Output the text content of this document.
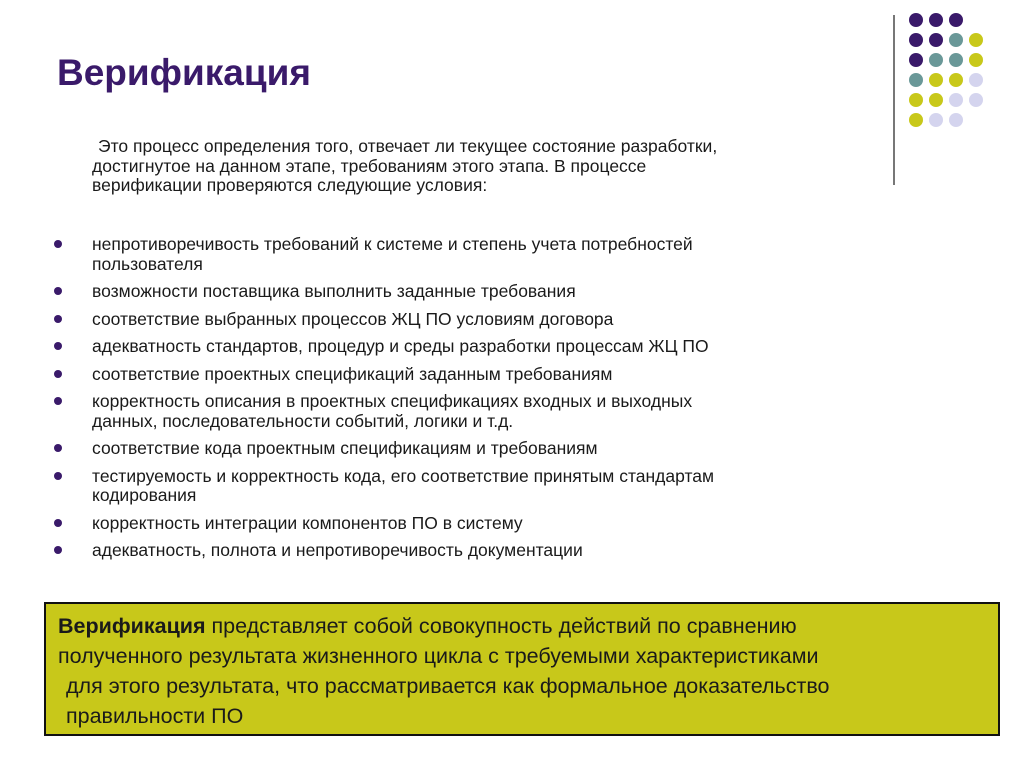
Верификация

Это процесс определения того, отвечает ли текущее состояние разработки,
достигнутое на данном этапе, требованиям этого этапа. В процессе
верификации проверяются следующие условия:

непротиворечивость требований к системе и степень учета потребностей
пользователя
возможности поставщика выполнить заданные требования
соответствие выбранных процессов ЖЦ ПО условиям договора
адекватность стандартов, процедур и среды разработки процессам ЖЦ ПО
соответствие проектных спецификаций заданным требованиям
корректность описания в проектных спецификациях входных и выходных
данных, последовательности событий, логики и т.д.
соответствие кода проектным спецификациям и требованиям
тестируемость и корректность кода, его соответствие принятым стандартам
кодирования
корректность интеграции компонентов ПО в систему
адекватность, полнота и непротиворечивость документации
Верификация представляет собой совокупность действий по сравнению
полученного результата жизненного цикла с требуемыми характеристиками

для этого результата, что рассматривается как формальное доказательство
правильности ПО
